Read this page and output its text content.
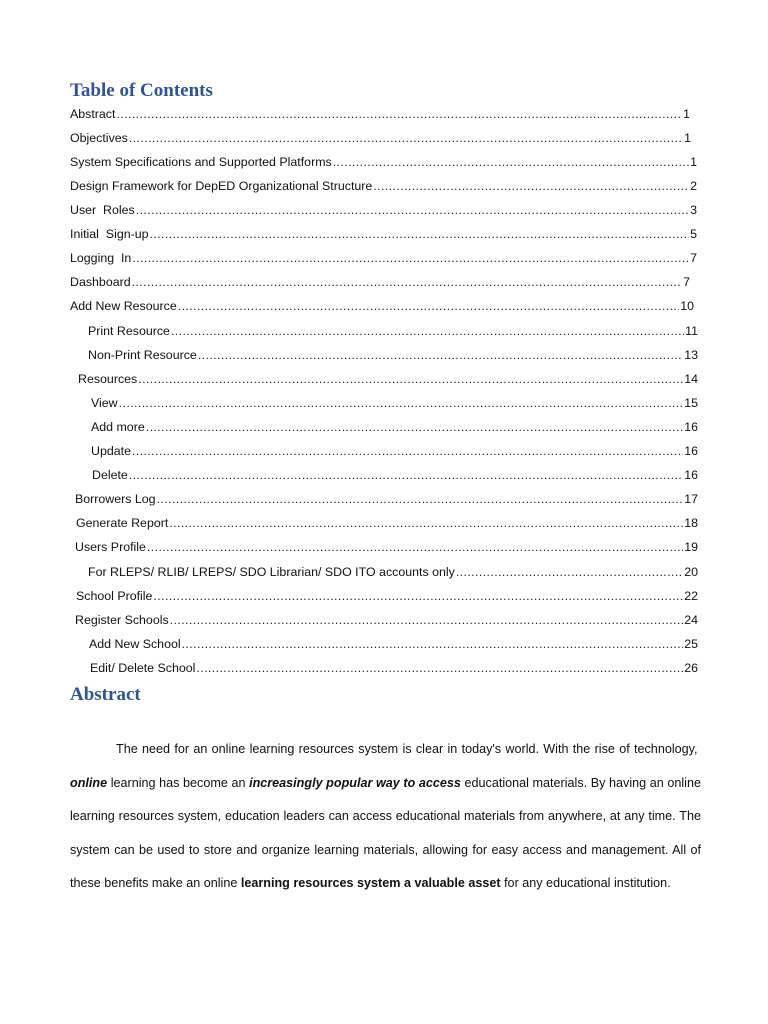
Table of Contents
Abstract .....	1
Objectives .....	1
System Specifications and Supported Platforms .....	1
Design Framework for DepED Organizational Structure .....	2
User  Roles .....	3
Initial  Sign-up .....	5
Logging  In .....	7
Dashboard .....	7
Add New Resource .....	10
Print Resource .....	11
Non-Print Resource .....	13
Resources .....	14
View .....	15
Add more .....	16
Update .....	16
Delete .....	16
Borrowers Log .....	17
Generate Report .....	18
Users Profile .....	19
For RLEPS/ RLIB/ LREPS/ SDO Librarian/ SDO ITO accounts only .....	20
School Profile .....	22
Register Schools .....	24
Add New School .....	25
Edit/ Delete School .....	26
Abstract

The need for an online learning resources system is clear in today's world. With the rise of technology,  online learning has become an increasingly popular way to access educational materials. By having an online learning resources system, education leaders can access educational materials from anywhere, at any time. The system can be used to store and organize learning materials, allowing for easy access and management. All of these benefits make an online learning resources system a valuable asset for any educational institution.
